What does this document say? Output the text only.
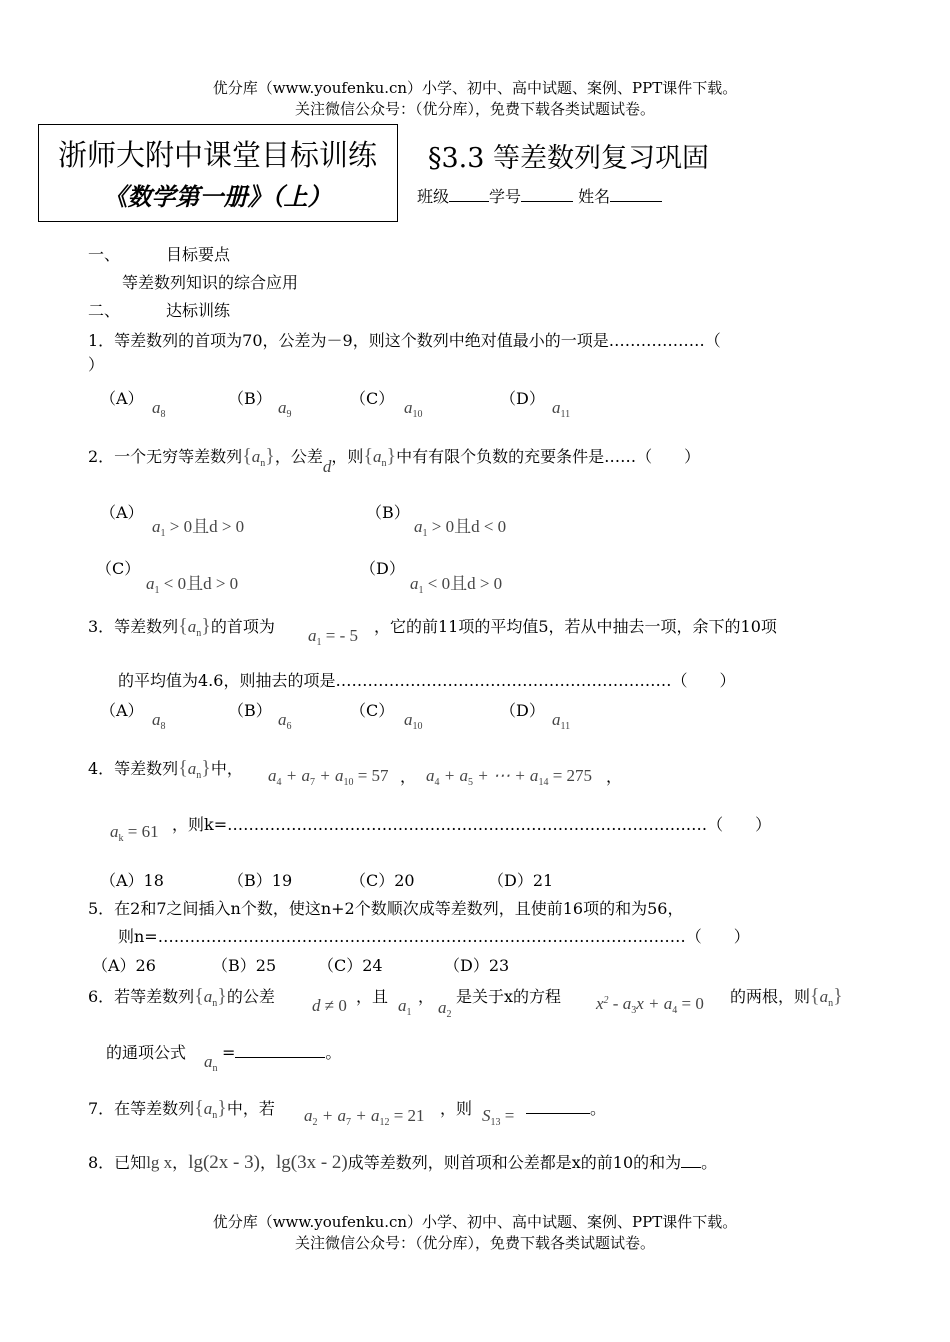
优分库（www.youfenku.cn）小学、初中、高中试题、案例、PPT课件下载。
关注微信公众号：（优分库），免费下载各类试题试卷。
浙师大附中课堂目标训练
《数学第一册》（上）
§3.3 等差数列复习巩固
班级	学号	姓名
一、	目标要点
等差数列知识的综合应用
二、	达标训练
1．等差数列的首项为70，公差为－9，则这个数列中绝对值最小的一项是………………（
）
（A） $a_8$
（B） $a_9$
（C） $a_{10}$
（D） $a_{11}$
2．一个无穷等差数列$\{a_n\}$，公差d，则$\{a_n\}$中有有限个负数的充要条件是……（　　）
（A）
$a_1 > 0$且d > 0
（B）
$a_1 > 0$且d < 0
（C）
$a_1 < 0$且d > 0
（D）
$a_1 < 0$且d > 0
3．等差数列$\{a_n\}$的首项为 $a_1$ = - 5 ，它的前11项的平均值5，若从中抽去一项，余下的10项
的平均值为4.6，则抽去的项是………………………………………………………（　　）
（A） $a_8$
（B） $a_6$
（C） $a_{10}$
（D） $a_{11}$
4．等差数列$\{a_n\}$中， $a_4 + a_7 + a_{10} = 57$ ， $a_4 + a_5$ + ⋯ + $a_{14} = 275$ ，
$a_k = 61$ ，则k=………………………………………………………………………………（　　）
（A）18	（B）19	（C）20	（D）21
5．在2和7之间插入n个数，使这n+2个数顺次成等差数列，且使前16项的和为56，
则n=………………………………………………………………………………………（　　）
（A）26	（B）25	（C）24	（D）23
6．若等差数列$\{a_n\}$的公差 d ≠ 0 ，且 $a_1$
，
$a_2$
是关于x的方程 $x^2 - a_3x + a_4 = 0$ 的两根，则$\{a_n\}$
的通项公式 $a_n$
=	。
7．在等差数列$\{a_n\}$中，若 $a_2 + a_7 + a_{12} = 21$ ，则 $S_{13}$ =	。
8．已知lg x，lg(2x - 3)，lg(3x - 2)成等差数列，则首项和公差都是x的前10的和为 。
优分库（www.youfenku.cn）小学、初中、高中试题、案例、PPT课件下载。
关注微信公众号：（优分库），免费下载各类试题试卷。
